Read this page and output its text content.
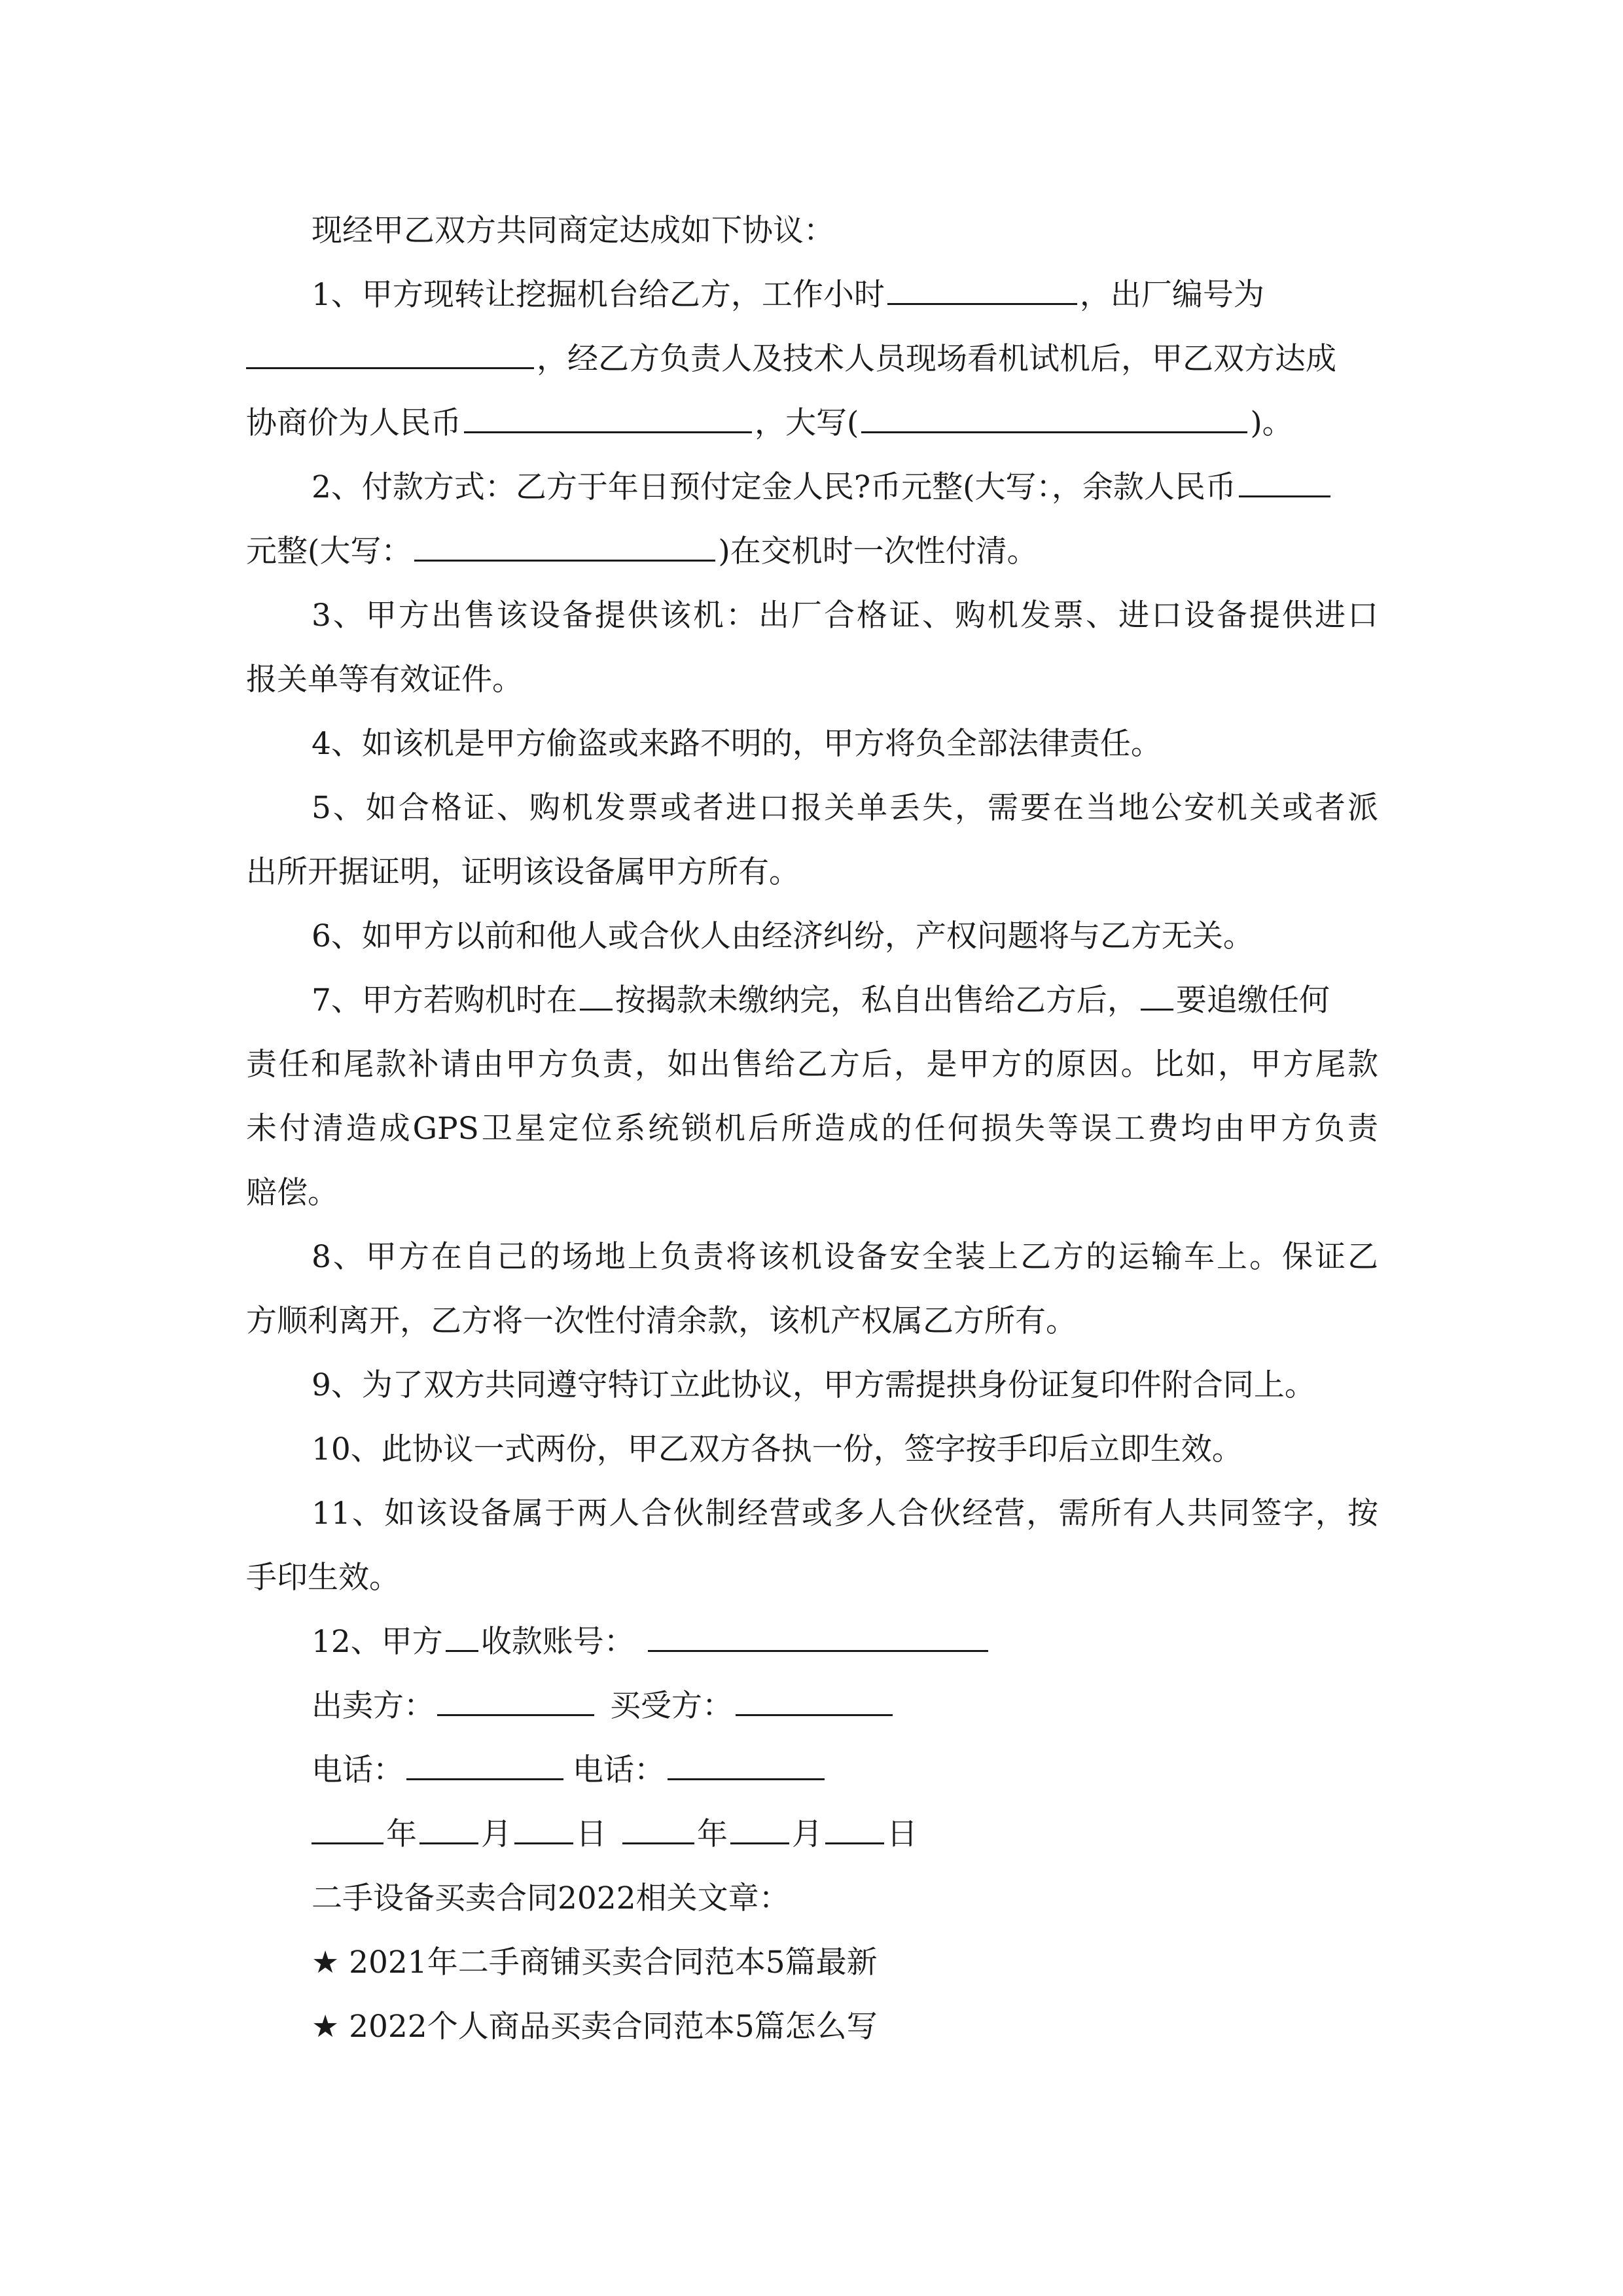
现经甲乙双方共同商定达成如下协议：
1、甲方现转让挖掘机台给乙方，工作小时	，出厂编号为
，经乙方负责人及技术人员现场看机试机后，甲乙双方达成
协商价为人民币	，大写(	)。
2、付款方式：乙方于年日预付定金人民?币元整(大写：，余款人民币
元整(大写：	)在交机时一次性付清。
3、甲方出售该设备提供该机：出厂合格证、购机发票、进口设备提供进口
报关单等有效证件。
4、如该机是甲方偷盗或来路不明的，甲方将负全部法律责任。
5、如合格证、购机发票或者进口报关单丢失，需要在当地公安机关或者派
出所开据证明，证明该设备属甲方所有。
6、如甲方以前和他人或合伙人由经济纠纷，产权问题将与乙方无关。
7、甲方若购机时在 按揭款未缴纳完，私自出售给乙方后， 要追缴任何
责任和尾款补请由甲方负责，如出售给乙方后，是甲方的原因。比如，甲方尾款
未付清造成GPS卫星定位系统锁机后所造成的任何损失等误工费均由甲方负责
赔偿。
8、甲方在自己的场地上负责将该机设备安全装上乙方的运输车上。保证乙
方顺利离开，乙方将一次性付清余款，该机产权属乙方所有。
9、为了双方共同遵守特订立此协议，甲方需提拱身份证复印件附合同上。
10、此协议一式两份，甲乙双方各执一份，签字按手印后立即生效。
11、如该设备属于两人合伙制经营或多人合伙经营，需所有人共同签字，按
手印生效。
12、甲方 收款账号：
出卖方：	买受方：
电话：	电话：
年 月 日	年 月 日
二手设备买卖合同2022相关文章：
★ 2021年二手商铺买卖合同范本5篇最新
★ 2022个人商品买卖合同范本5篇怎么写
